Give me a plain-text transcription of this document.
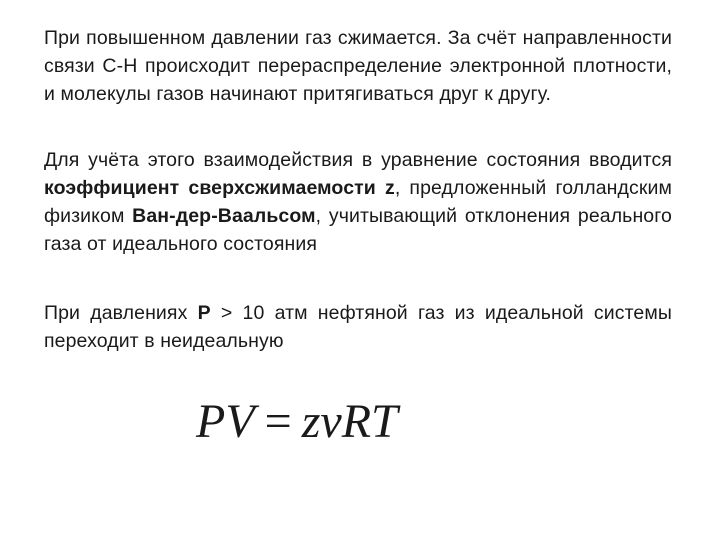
При повышенном давлении газ сжимается. За счёт направленности связи С-Н происходит перераспределение электронной плотности, и молекулы газов начинают притягиваться друг к другу.

Для учёта этого взаимодействия в уравнение состояния вводится коэффициент сверхсжимаемости z, предложенный голландским физиком Ван-дер-Ваальсом, учитывающий отклонения реального газа от идеального состояния

При давлениях Р > 10 атм нефтяной газ из идеальной системы переходит в неидеальную

PV = zνRT
